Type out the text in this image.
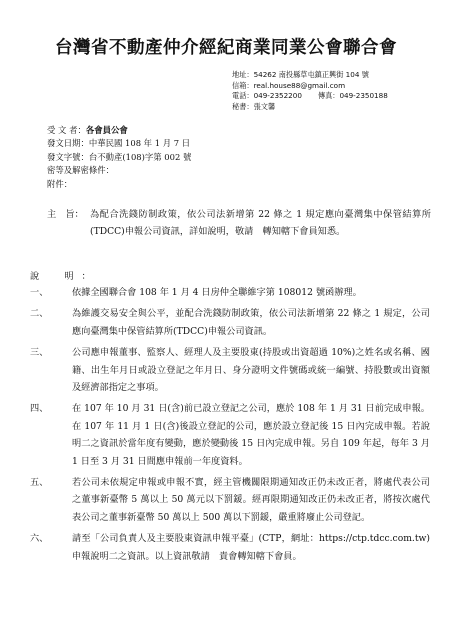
台灣省不動產仲介經紀商業同業公會聯合會
地址：54262 南投縣草屯鎮正興街 104 號
信箱：real.house88@gmail.com
電話：049-2352200 傳真：049-2350188
秘書：張文馨
受 文 者：各會員公會
發文日期：中華民國 108 年 1 月 7 日
發文字號：台不動產(108)字第 002 號
密等及解密條件：
附件：
主　旨： 為配合洗錢防制政策，依公司法新增第 22 條之 1 規定應向臺灣集中保管結算所(TDCC)申報公司資訊，詳如說明，敬請　轉知轄下會員知悉。
說　明：
一、	依據全國聯合會 108 年 1 月 4 日房仲全聯維字第 108012 號函辦理。
二、	為維護交易安全與公平，並配合洗錢防制政策，依公司法新增第 22 條之 1 規定，公司應向臺灣集中保管結算所(TDCC)申報公司資訊。
三、	公司應申報董事、監察人、經理人及主要股東(持股或出資超過 10%)之姓名或名稱、國籍、出生年月日或設立登記之年月日、身分證明文件號碼或統一編號、持股數或出資額及經濟部指定之事項。
四、	在 107 年 10 月 31 日(含)前已設立登記之公司，應於 108 年 1 月 31 日前完成申報。在 107 年 11 月 1 日(含)後設立登記的公司，應於設立登記後 15 日內完成申報。若說明二之資訊於當年度有變動，應於變動後 15 日內完成申報。另自 109 年起，每年 3 月 1 日至 3 月 31 日間應申報前一年度資料。
五、	若公司未依規定申報或申報不實，經主管機關限期通知改正仍未改正者，將處代表公司之董事新臺幣 5 萬以上 50 萬元以下罰鍰。經再限期通知改正仍未改正者，將按次處代表公司之董事新臺幣 50 萬以上 500 萬以下罰鍰，嚴重將廢止公司登記。
六、	請至「公司負責人及主要股東資訊申報平臺」(CTP，網址：https://ctp.tdcc.com.tw)申報說明二之資訊。以上資訊敬請　貴會轉知轄下會員。
